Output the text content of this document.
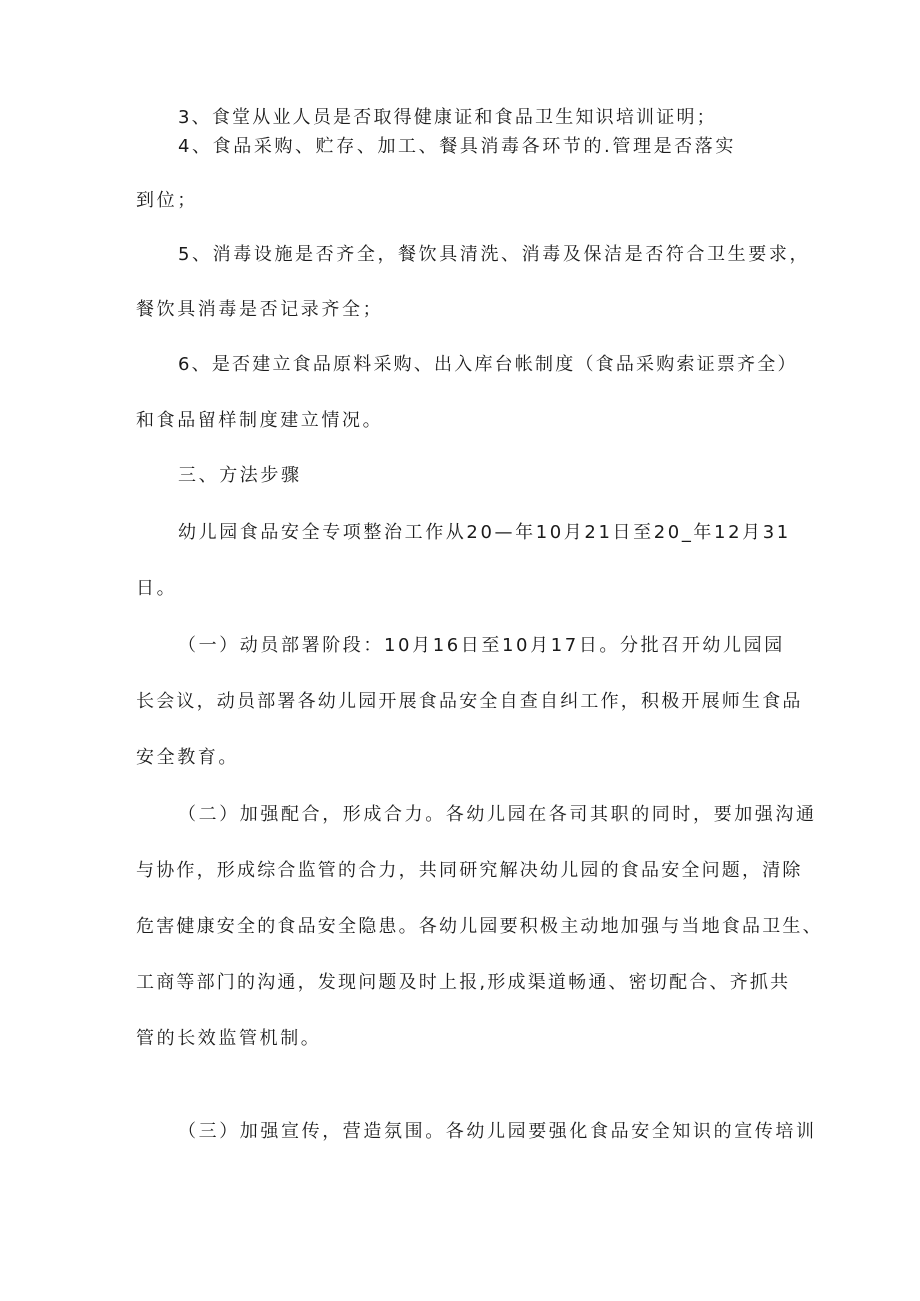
3、食堂从业人员是否取得健康证和食品卫生知识培训证明；
4、食品采购、贮存、加工、餐具消毒各环节的.管理是否落实
到位；
5、消毒设施是否齐全，餐饮具清洗、消毒及保洁是否符合卫生要求，
餐饮具消毒是否记录齐全；
6、是否建立食品原料采购、出入库台帐制度（食品采购索证票齐全）
和食品留样制度建立情况。
三、方法步骤
幼儿园食品安全专项整治工作从20—年10月21日至20_年12月31
日。
（一）动员部署阶段：10月16日至10月17日。分批召开幼儿园园
长会议，动员部署各幼儿园开展食品安全自查自纠工作，积极开展师生食品
安全教育。
（二）加强配合，形成合力。各幼儿园在各司其职的同时，要加强沟通
与协作，形成综合监管的合力，共同研究解决幼儿园的食品安全问题，清除
危害健康安全的食品安全隐患。各幼儿园要积极主动地加强与当地食品卫生、
工商等部门的沟通，发现问题及时上报,形成渠道畅通、密切配合、齐抓共
管的长效监管机制。
（三）加强宣传，营造氛围。各幼儿园要强化食品安全知识的宣传培训
